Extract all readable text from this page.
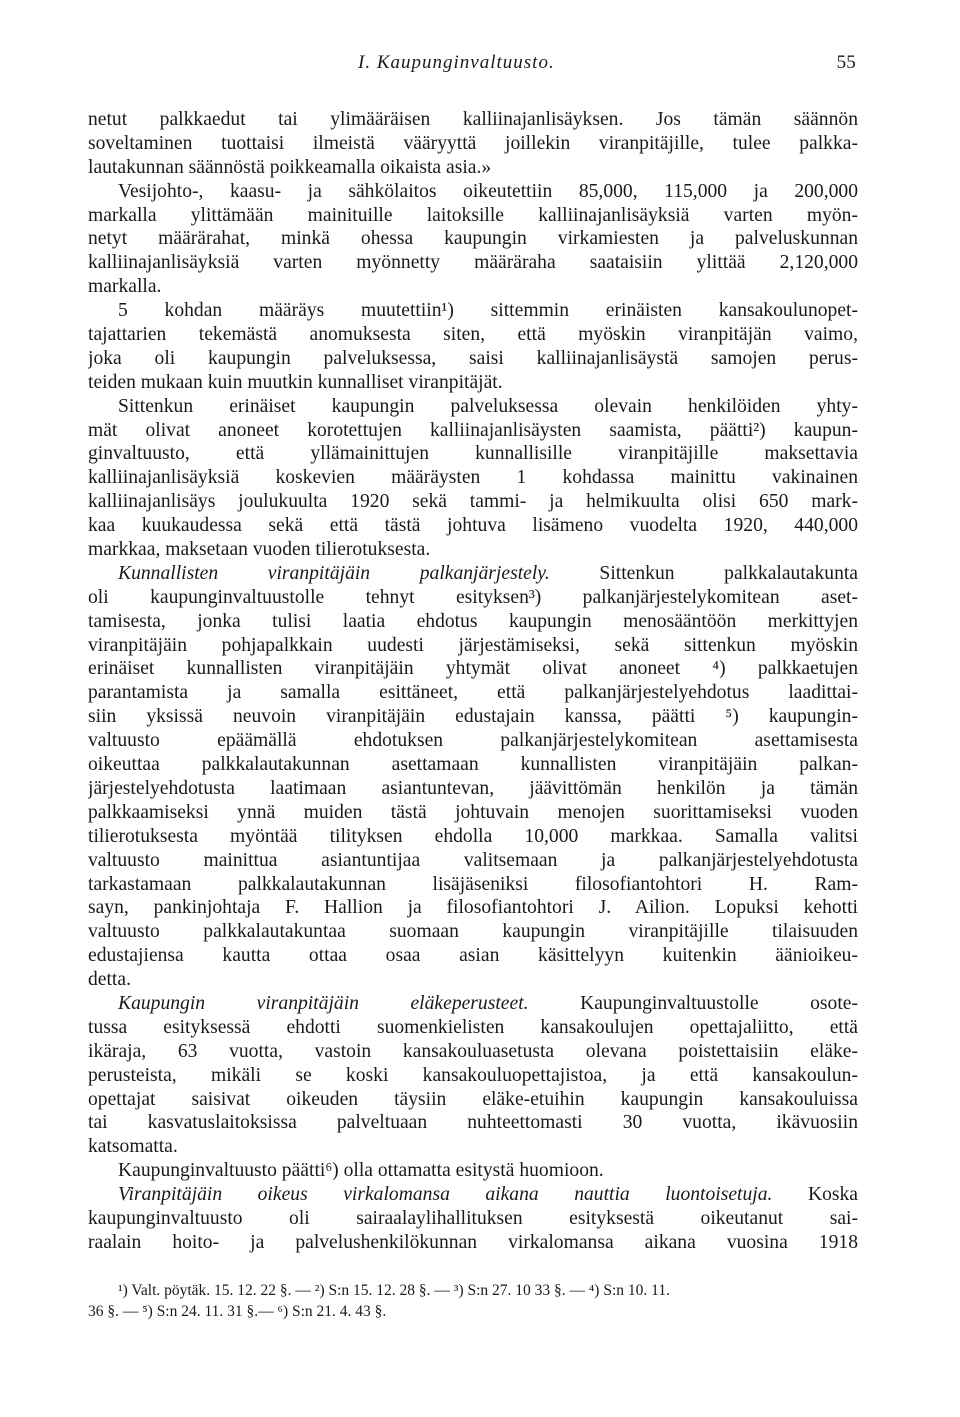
I. Kaupunginvaltuusto.	55
netut palkkaedut tai ylimääräisen kalliinajanlisäyksen. Jos tämän säännön
soveltaminen tuottaisi ilmeistä vääryyttä joillekin viranpitäjille, tulee palkka-
lautakunnan säännöstä poikkeamalla oikaista asia.»
Vesijohto-, kaasu- ja sähkölaitos oikeutettiin 85,000, 115,000 ja 200,000
markalla ylittämään mainituille laitoksille kalliinajanlisäyksiä varten myön-
netyt määrärahat, minkä ohessa kaupungin virkamiesten ja palveluskunnan
kalliinajanlisäyksiä varten myönnetty määräraha saataisiin ylittää 2,120,000
markalla.
5 kohdan määräys muutettiin¹) sittemmin erinäisten kansakoulunopet-
tajattarien tekemästä anomuksesta siten, että myöskin viranpitäjän vaimo,
joka oli kaupungin palveluksessa, saisi kalliinajanlisäystä samojen perus-
teiden mukaan kuin muutkin kunnalliset viranpitäjät.
Sittenkun erinäiset kaupungin palveluksessa olevain henkilöiden yhty-
mät olivat anoneet korotettujen kalliinajanlisäysten saamista, päätti²) kaupun-
ginvaltuusto, että yllämainittujen kunnallisille viranpitäjille maksettavia
kalliinajanlisäyksiä koskevien määräysten 1 kohdassa mainittu vakinainen
kalliinajanlisäys joulukuulta 1920 sekä tammi- ja helmikuulta olisi 650 mark-
kaa kuukaudessa sekä että tästä johtuva lisämeno vuodelta 1920, 440,000
markkaa, maksetaan vuoden tilierotuksesta.
Kunnallisten viranpitäjäin palkanjärjestely. Sittenkun palkkalautakunta
oli kaupunginvaltuustolle tehnyt esityksen³) palkanjärjestelykomitean aset-
tamisesta, jonka tulisi laatia ehdotus kaupungin menosääntöön merkittyjen
viranpitäjäin pohjapalkkain uudesti järjestämiseksi, sekä sittenkun myöskin
erinäiset kunnallisten viranpitäjäin yhtymät olivat anoneet ⁴) palkkaetujen
parantamista ja samalla esittäneet, että palkanjärjestelyehdotus laadittai-
siin yksissä neuvoin viranpitäjäin edustajain kanssa, päätti ⁵) kaupungin-
valtuusto epäämällä ehdotuksen palkanjärjestelykomitean asettamisesta
oikeuttaa palkkalautakunnan asettamaan kunnallisten viranpitäjäin palkan-
järjestelyehdotusta laatimaan asiantuntevan, jäävittömän henkilön ja tämän
palkkaamiseksi ynnä muiden tästä johtuvain menojen suorittamiseksi vuoden
tilierotuksesta myöntää tilityksen ehdolla 10,000 markkaa. Samalla valitsi
valtuusto mainittua asiantuntijaa valitsemaan ja palkanjärjestelyehdotusta
tarkastamaan palkkalautakunnan lisäjäseniksi filosofiantohtori H. Ram-
sayn, pankinjohtaja F. Hallion ja filosofiantohtori J. Ailion. Lopuksi kehotti
valtuusto palkkalautakuntaa suomaan kaupungin viranpitäjille tilaisuuden
edustajiensa kautta ottaa osaa asian käsittelyyn kuitenkin äänioikeu-
detta.
Kaupungin viranpitäjäin eläkeperusteet. Kaupunginvaltuustolle osote-
tussa esityksessä ehdotti suomenkielisten kansakoulujen opettajaliitto, että
ikäraja, 63 vuotta, vastoin kansakouluasetusta olevana poistettaisiin eläke-
perusteista, mikäli se koski kansakouluopettajistoa, ja että kansakoulun-
opettajat saisivat oikeuden täysiin eläke-etuihin kaupungin kansakouluissa
tai kasvatuslaitoksissa palveltuaan nuhteettomasti 30 vuotta, ikävuosiin
katsomatta.
Kaupunginvaltuusto päätti⁶) olla ottamatta esitystä huomioon.
Viranpitäjäin oikeus virkalomansa aikana nauttia luontoisetuja. Koska
kaupunginvaltuusto oli sairaalaylihallituksen esityksestä oikeutanut sai-
raalain hoito- ja palvelushenkilökunnan virkalomansa aikana vuosina 1918
¹) Valt. pöytäk. 15. 12. 22 §. — ²) S:n 15. 12. 28 §. — ³) S:n 27. 10 33 §. — ⁴) S:n 10. 11.
36 §. — ⁵) S:n 24. 11. 31 §.— ⁶) S:n 21. 4. 43 §.
